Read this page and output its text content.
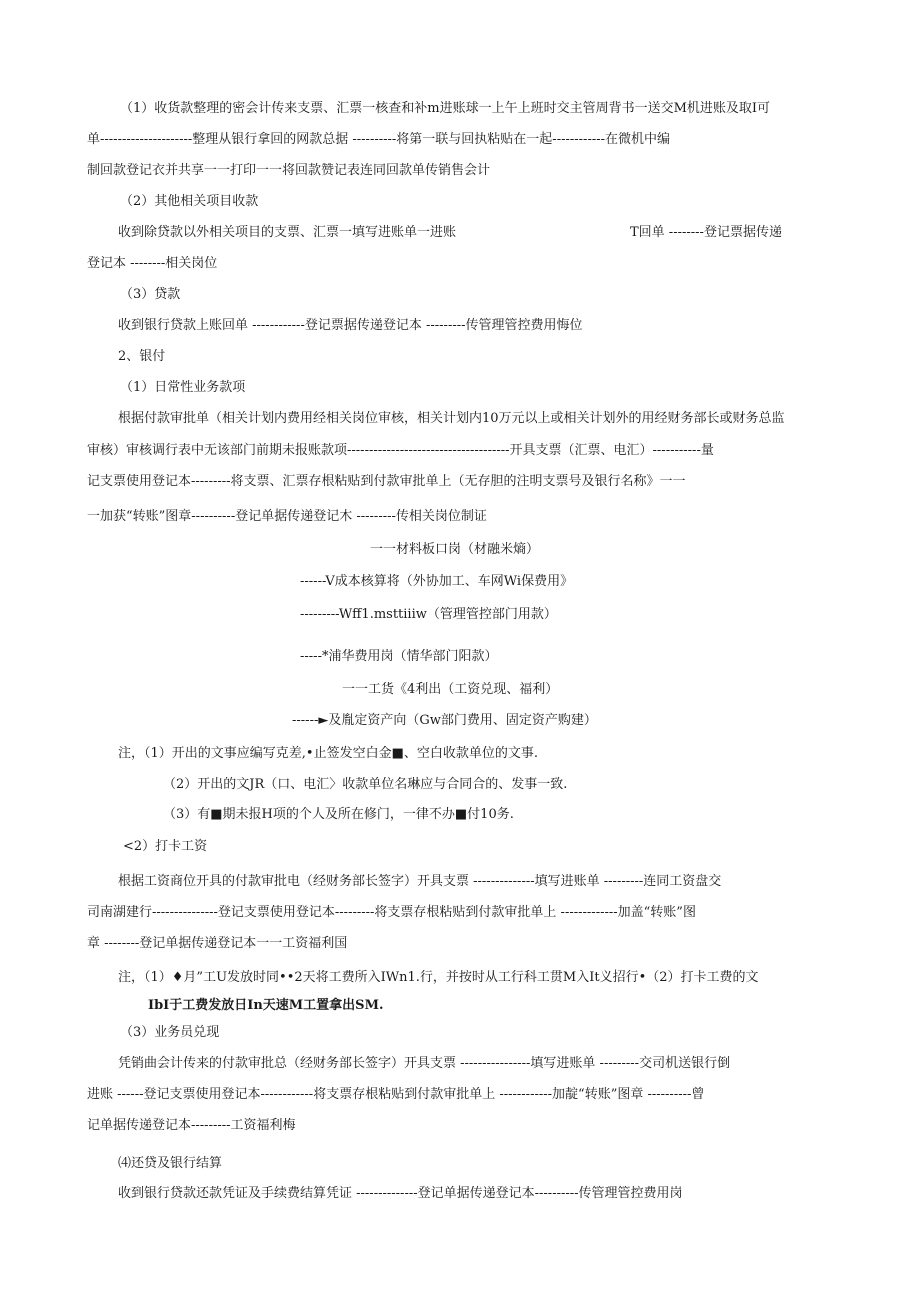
（1）收货款整理的密会计传来支票、汇票一核查和补m进账球一上午上班时交主管周背书一送交M机进账及取I可
单---------------------整理从银行拿回的网款总据 ----------将第一联与回执粘贴在一起------------在微机中编
制回款登记衣并共享一一打印一一将回款赞记表连同回款单传销售会计
（2）其他相关项目收款
收到除贷款以外相关项目的支票、汇票一填写进账单一进账	T回单 --------登记票据传递
登记本 --------相关岗位
（3）贷款
收到银行贷款上账回单 ------------登记票据传递登记本 ---------传管理管控费用悔位
2、银付
（1）日常性业务款项
根据付款审批单（相关计划内费用经相关岗位审核，相关计划内10万元以上或相关计划外的用经财务部长或财务总监
审核）审核调行表中无该部门前期未报账款项-------------------------------------开具支票（汇票、电汇）-----------量
记支票使用登记本---------将支票、汇票存根粘贴到付款审批单上（无存胆的注明支票号及银行名称》一一
一加获“转账”图章----------登记单据传递登记木 ---------传相关岗位制证
一一材料板口岗（材融米熵）
------V成本核算将（外协加工、车网Wi保费用》
---------Wff1.msttiiiw（管理管控部门用款）
-----*浦华费用岗（情华部门阳款）
一一工货《4利出（工资兑现、福利）
------►及胤定资产向（Gw部门费用、固定资产购建）
注，（1）开出的文事应编写克差,•止签发空白金■、空白收款单位的文事.
（2）开出的文JR（口、电汇〉收款单位名琳应与合同合的、发事一致.
（3）有■期未报H项的个人及所在修门，一律不办■付10务.
<2）打卡工资
根据工资商位开具的付款审批电（经财务部长签字）开具支票 --------------填写进账单 ---------连同工资盘交
司南湖建行---------------登记支票使用登记本---------将支票存根粘贴到付款审批单上 -------------加盖“转账”图
章 --------登记单据传递登记本一一工资福利国
注，（1）♦月”工U发放时同••2天将工费所入IWn1.行，并按时从工行科工贯M入It义招行•（2）打卡工费的文
IbI于工费发放日In天速M工置拿出SM.
（3）业务员兑现
凭销曲会计传来的付款审批总（经财务部长签字）开具支票 ----------------填写进账单 ---------交司机送银行倒
进账 ------登记支票使用登记本------------将支票存根粘贴到付款审批单上 ------------加靛“转账”图章 ----------曾
记单据传递登记本---------工资福利梅
⑷还贷及银行结算
收到银行贷款还款凭证及手续费结算凭证 --------------登记单据传递登记本----------传管理管控费用岗
